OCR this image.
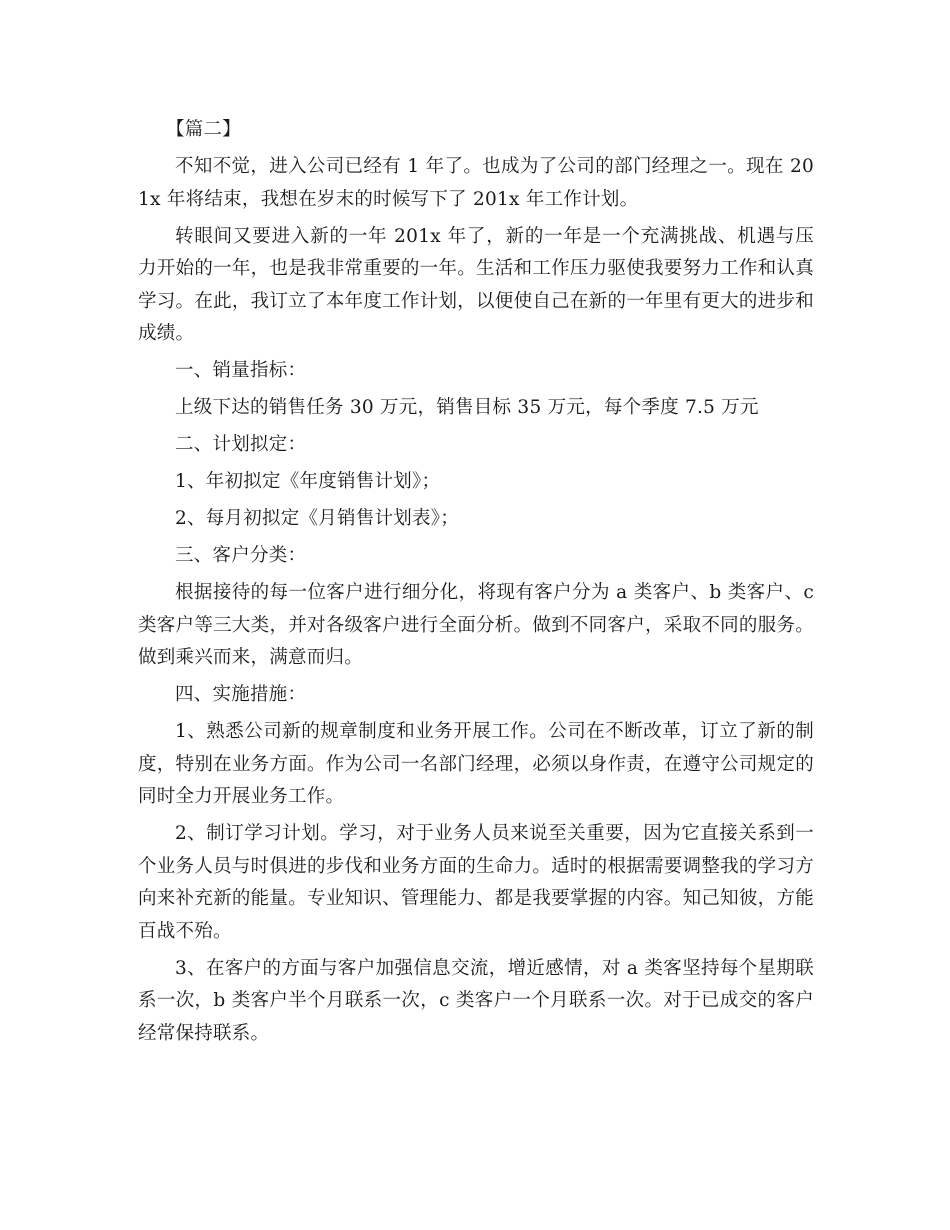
【篇二】

不知不觉，进入公司已经有 1 年了。也成为了公司的部门经理之一。现在 201x 年将结束，我想在岁末的时候写下了 201x 年工作计划。

转眼间又要进入新的一年 201x 年了，新的一年是一个充满挑战、机遇与压力开始的一年，也是我非常重要的一年。生活和工作压力驱使我要努力工作和认真学习。在此，我订立了本年度工作计划，以便使自己在新的一年里有更大的进步和成绩。

一、销量指标：

上级下达的销售任务 30 万元，销售目标 35 万元，每个季度 7.5 万元

二、计划拟定：

1、年初拟定《年度销售计划》；

2、每月初拟定《月销售计划表》；

三、客户分类：

根据接待的每一位客户进行细分化，将现有客户分为 a 类客户、b 类客户、c 类客户等三大类，并对各级客户进行全面分析。做到不同客户，采取不同的服务。做到乘兴而来，满意而归。

四、实施措施：

1、熟悉公司新的规章制度和业务开展工作。公司在不断改革，订立了新的制度，特别在业务方面。作为公司一名部门经理，必须以身作责，在遵守公司规定的同时全力开展业务工作。

2、制订学习计划。学习，对于业务人员来说至关重要，因为它直接关系到一个业务人员与时俱进的步伐和业务方面的生命力。适时的根据需要调整我的学习方向来补充新的能量。专业知识、管理能力、都是我要掌握的内容。知己知彼，方能百战不殆。

3、在客户的方面与客户加强信息交流，增近感情，对 a 类客坚持每个星期联系一次，b 类客户半个月联系一次，c 类客户一个月联系一次。对于已成交的客户经常保持联系。
